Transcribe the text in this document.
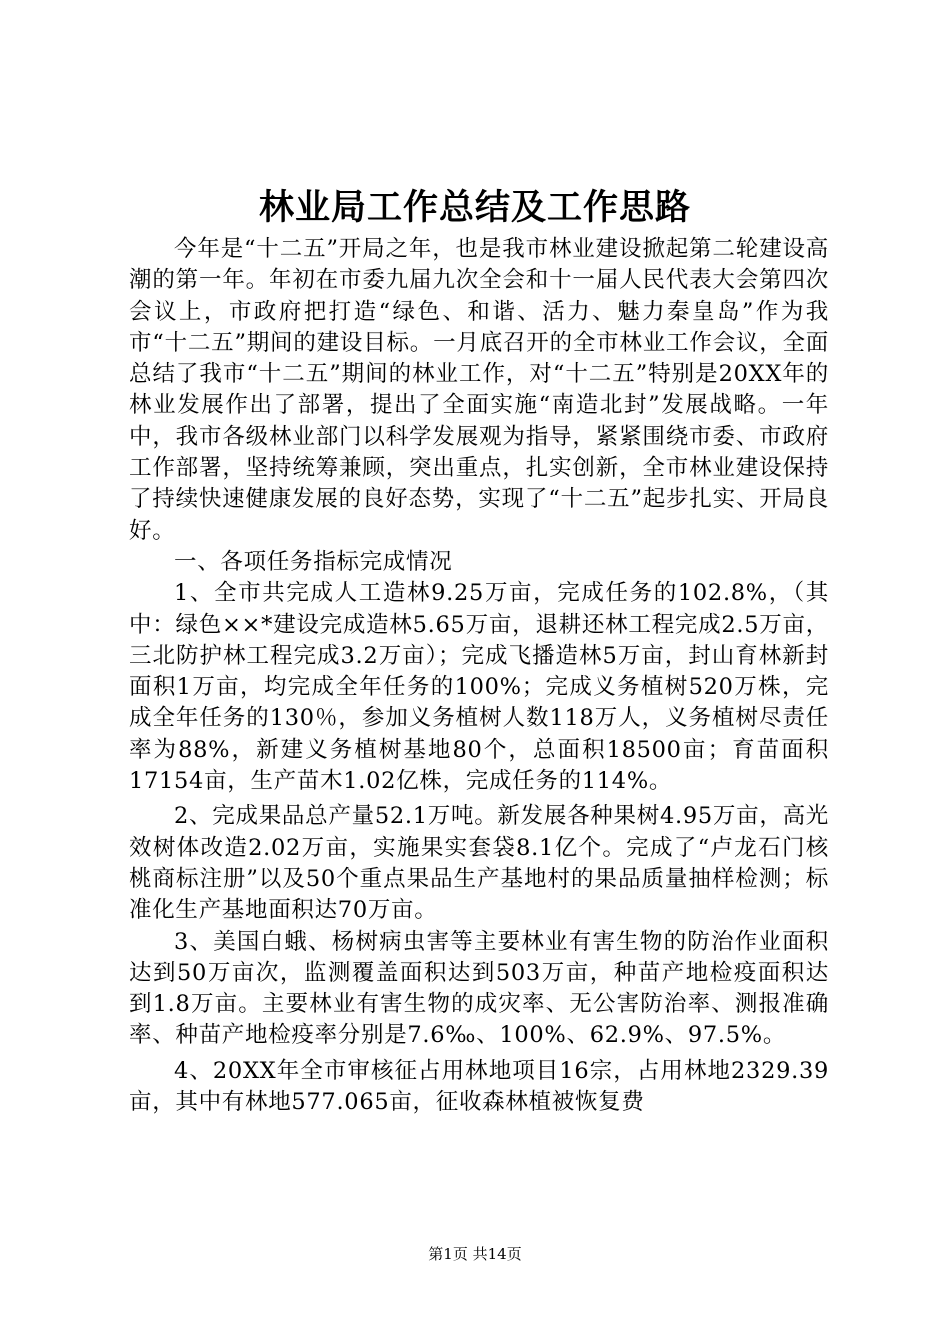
林业局工作总结及工作思路

今年是“十二五”开局之年，也是我市林业建设掀起第二轮建设高潮的第一年。年初在市委九届九次全会和十一届人民代表大会第四次会议上，市政府把打造“绿色、和谐、活力、魅力秦皇岛”作为我市“十二五”期间的建设目标。一月底召开的全市林业工作会议，全面总结了我市“十二五”期间的林业工作，对“十二五”特别是20XX年的林业发展作出了部署，提出了全面实施“南造北封”发展战略。一年中，我市各级林业部门以科学发展观为指导，紧紧围绕市委、市政府工作部署，坚持统筹兼顾，突出重点，扎实创新，全市林业建设保持了持续快速健康发展的良好态势，实现了“十二五”起步扎实、开局良好。

一、各项任务指标完成情况

1、全市共完成人工造林9.25万亩，完成任务的102.8%，（其中：绿色××*建设完成造林5.65万亩，退耕还林工程完成2.5万亩，三北防护林工程完成3.2万亩）；完成飞播造林5万亩，封山育林新封面积1万亩，均完成全年任务的100%；完成义务植树520万株，完成全年任务的130％，参加义务植树人数118万人，义务植树尽责任率为88%，新建义务植树基地80个，总面积18500亩；育苗面积17154亩，生产苗木1.02亿株，完成任务的114%。

2、完成果品总产量52.1万吨。新发展各种果树4.95万亩，高光效树体改造2.02万亩，实施果实套袋8.1亿个。完成了“卢龙石门核桃商标注册”以及50个重点果品生产基地村的果品质量抽样检测；标准化生产基地面积达70万亩。

3、美国白蛾、杨树病虫害等主要林业有害生物的防治作业面积达到50万亩次，监测覆盖面积达到503万亩，种苗产地检疫面积达到1.8万亩。主要林业有害生物的成灾率、无公害防治率、测报准确率、种苗产地检疫率分别是7.6‰、100%、62.9%、97.5%。

4、20XX年全市审核征占用林地项目16宗，占用林地2329.39亩，其中有林地577.065亩，征收森林植被恢复费

第1页 共14页
